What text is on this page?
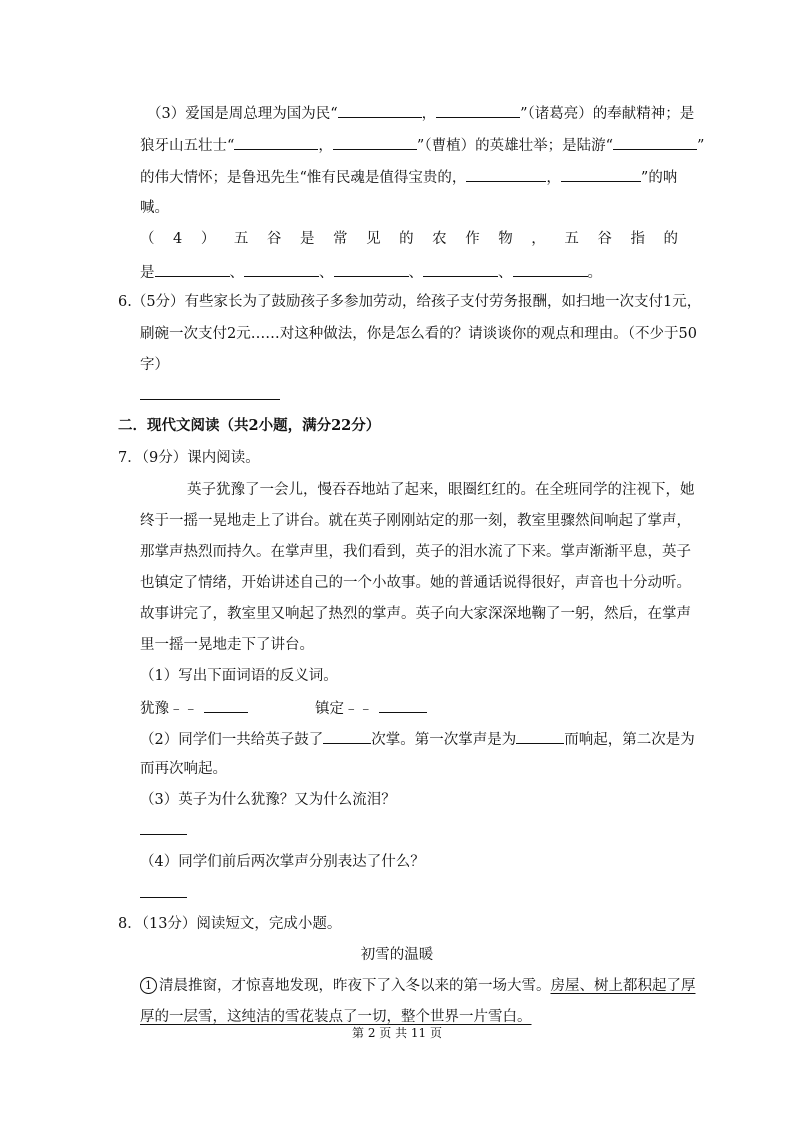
（3）爱国是周总理为国为民“	，	”（诸葛亮）的奉献精神；是
狼牙山五壮士“	，	”（曹植）的英雄壮举；是陆游“	”
的伟大情怀；是鲁迅先生“惟有民魂是值得宝贵的，	，	”的呐
喊。
（ 4 ） 五 谷 是 常 见 的 农 作 物 ， 五 谷 指 的
是	、	、	、	、	。
6.（5分）有些家长为了鼓励孩子多参加劳动，给孩子支付劳务报酬，如扫地一次支付1元，
刷碗一次支付2元……对这种做法，你是怎么看的？请谈谈你的观点和理由。（不少于50
字）
二．现代文阅读（共2小题，满分22分）
7．（9分）课内阅读。
英子犹豫了一会儿，慢吞吞地站了起来，眼圈红红的。在全班同学的注视下，她
终于一摇一晃地走上了讲台。就在英子刚刚站定的那一刻，教室里骤然间响起了掌声，
那掌声热烈而持久。在掌声里，我们看到，英子的泪水流了下来。掌声渐渐平息，英子
也镇定了情绪，开始讲述自己的一个小故事。她的普通话说得很好，声音也十分动听。
故事讲完了，教室里又响起了热烈的掌声。英子向大家深深地鞠了一躬，然后，在掌声
里一摇一晃地走下了讲台。
（1）写出下面词语的反义词。
犹豫﹣﹣	镇定﹣﹣
（2）同学们一共给英子鼓了	次掌。第一次掌声是为	而响起，第二次是为
而再次响起。
（3）英子为什么犹豫？又为什么流泪？
（4）同学们前后两次掌声分别表达了什么？
8．（13分）阅读短文，完成小题。
初雪的温暖
1 清晨推窗，才惊喜地发现，昨夜下了入冬以来的第一场大雪。房屋、树上都积起了厚
厚的一层雪，这纯洁的雪花装点了一切，整个世界一片雪白。
第 2 页 共 11 页
